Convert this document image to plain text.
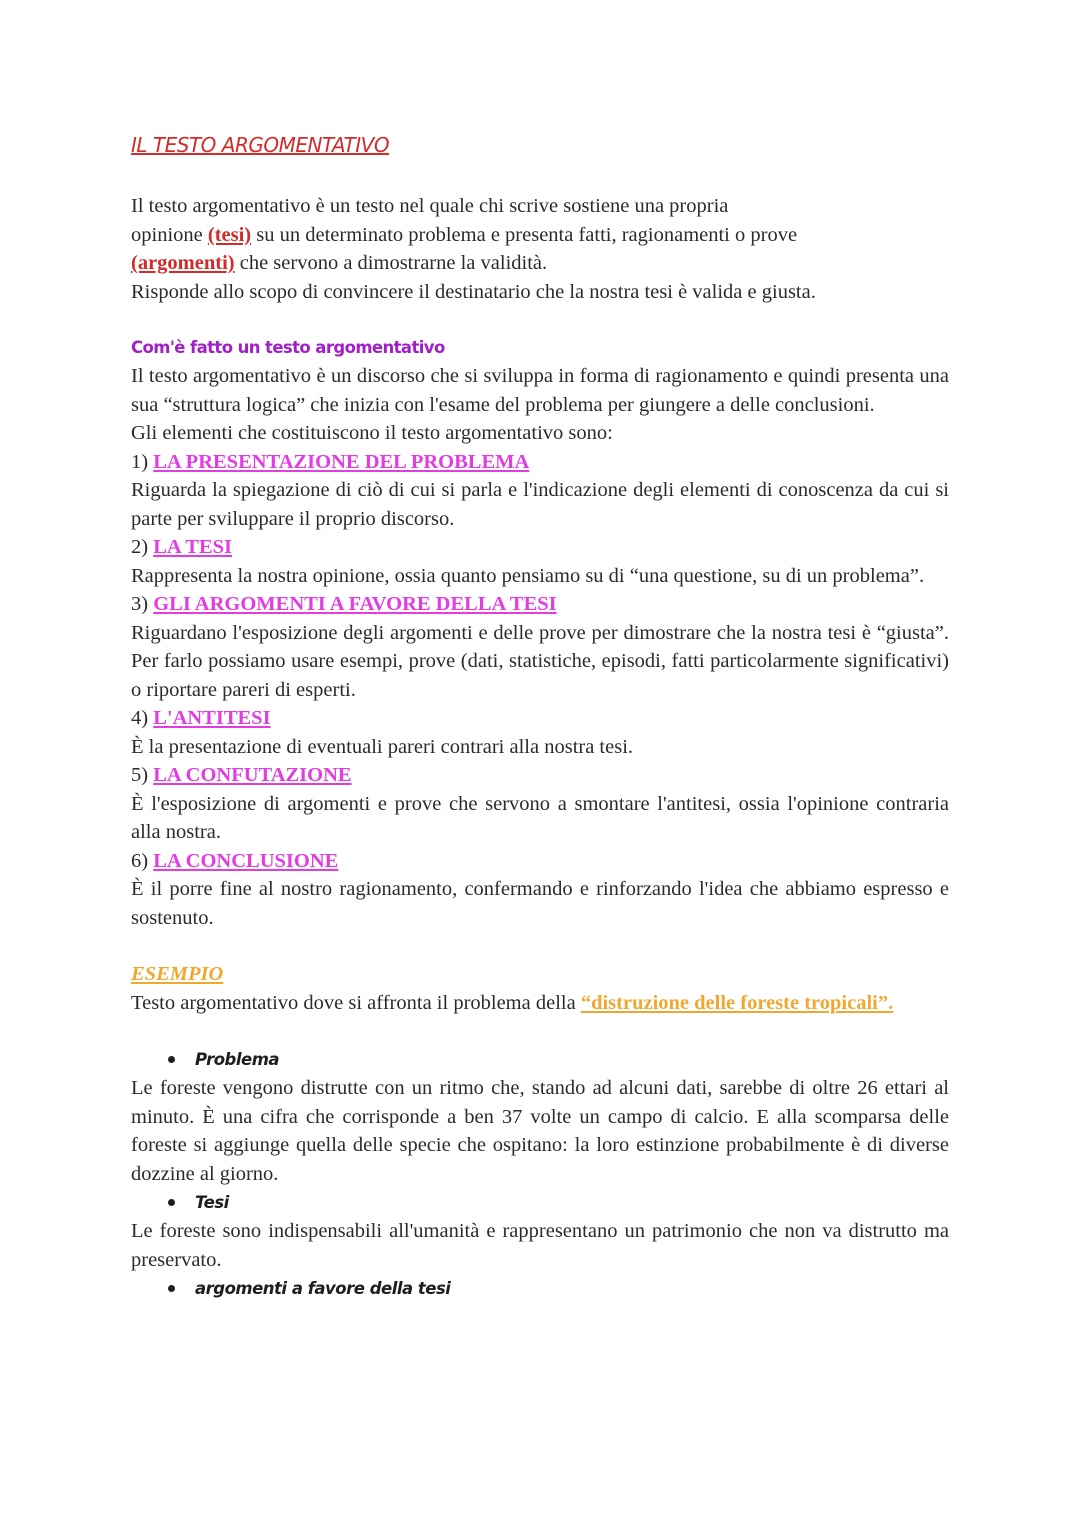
IL TESTO ARGOMENTATIVO

Il testo argomentativo è un testo nel quale chi scrive sostiene una propria

opinione (tesi) su un determinato problema e presenta fatti, ragionamenti o prove

(argomenti) che servono a dimostrarne la validità.

Risponde allo scopo di convincere il destinatario che la nostra tesi è valida e giusta.

Com'è fatto un testo argomentativo

Il testo argomentativo è un discorso che si sviluppa in forma di ragionamento e quindi presenta una sua “struttura logica” che inizia con l'esame del problema per giungere a delle conclusioni.

Gli elementi che costituiscono il testo argomentativo sono:

1) LA PRESENTAZIONE DEL PROBLEMA

Riguarda la spiegazione di ciò di cui si parla e l'indicazione degli elementi di conoscenza da cui si parte per sviluppare il proprio discorso.

2) LA TESI

Rappresenta la nostra opinione, ossia quanto pensiamo su di “una questione, su di un problema”.

3) GLI ARGOMENTI A FAVORE DELLA TESI

Riguardano l'esposizione degli argomenti e delle prove per dimostrare che la nostra tesi è “giusta”. Per farlo possiamo usare esempi, prove (dati, statistiche, episodi, fatti particolarmente significativi) o riportare pareri di esperti.

4) L'ANTITESI

È la presentazione di eventuali pareri contrari alla nostra tesi.

5) LA CONFUTAZIONE

È l'esposizione di argomenti e prove che servono a smontare l'antitesi, ossia l'opinione contraria alla nostra.

6) LA CONCLUSIONE

È il porre fine al nostro ragionamento, confermando e rinforzando l'idea che abbiamo espresso e sostenuto.

ESEMPIO

Testo argomentativo dove si affronta il problema della “distruzione delle foreste tropicali”.

Problema

Le foreste vengono distrutte con un ritmo che, stando ad alcuni dati, sarebbe di oltre 26 ettari al minuto. È una cifra che corrisponde a ben 37 volte un campo di calcio. E alla scomparsa delle foreste si aggiunge quella delle specie che ospitano: la loro estinzione probabilmente è di diverse dozzine al giorno.

Tesi

Le foreste sono indispensabili all'umanità e rappresentano un patrimonio che non va distrutto ma preservato.

argomenti a favore della tesi
